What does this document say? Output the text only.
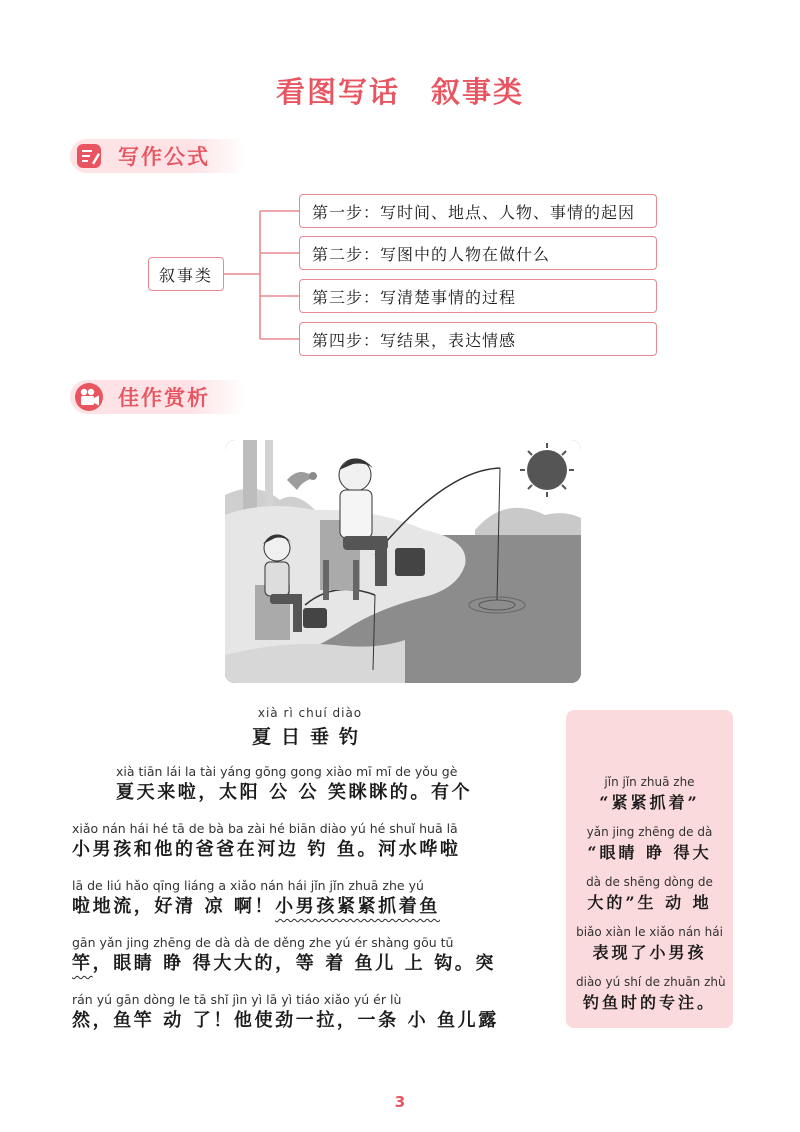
看图写话　叙事类
写作公式
叙事类
第一步：写时间、地点、人物、事情的起因
第二步：写图中的人物在做什么
第三步：写清楚事情的过程
第四步：写结果，表达情感
佳作赏析
xià rì chuí diào
夏日垂钓
xià tiān lái la tài yáng gōng gong xiào mī mī de yǒu gè
夏天来啦，太阳 公 公 笑眯眯的。有个
xiǎo nán hái hé tā de bà ba zài hé biān diào yú hé shuǐ huā lā
小男孩和他的爸爸在河边 钓 鱼。河水哗啦
lā de liú hǎo qīng liáng a xiǎo nán hái jǐn jǐn zhuā zhe yú
啦地流，好清 凉 啊！小男孩紧紧抓着鱼
gān yǎn jing zhēng de dà dà de děng zhe yú ér shàng gōu tū
竿，眼睛 睁 得大大的，等 着 鱼儿 上 钩。突
rán yú gān dòng le tā shǐ jìn yì lā yì tiáo xiǎo yú ér lù
然，鱼竿 动 了！他使劲一拉，一条 小 鱼儿露
jǐn jǐn zhuā zhe
“紧紧抓着”
yǎn jing zhēng de dà
“眼睛 睁 得大
dà de shēng dòng de
大的”生 动 地
biǎo xiàn le xiǎo nán hái
表现了小男孩
diào yú shí de zhuān zhù
钓鱼时的专注。
3
